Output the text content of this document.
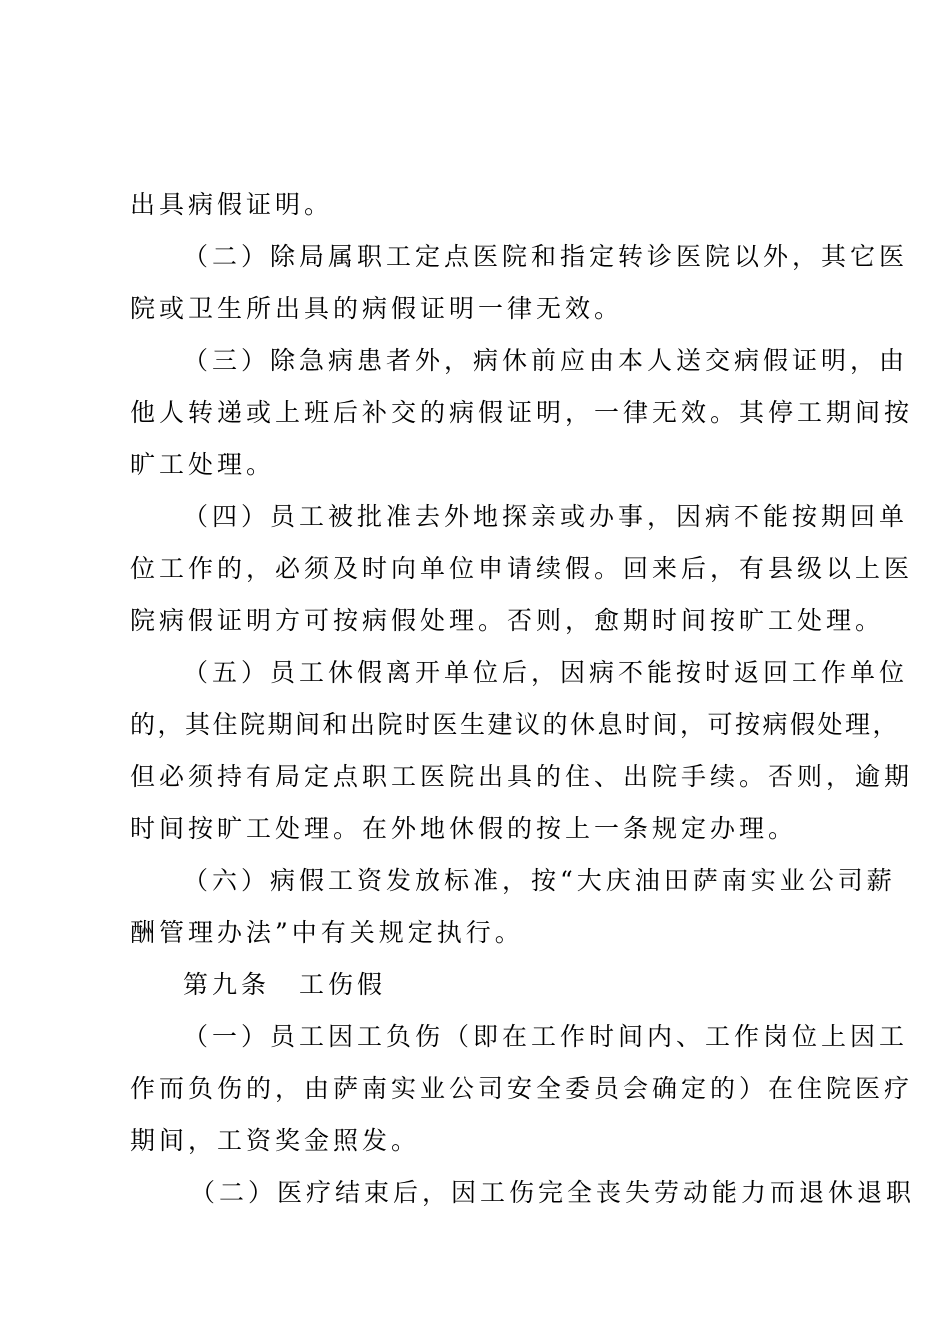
出具病假证明。
（二）除局属职工定点医院和指定转诊医院以外，其它医
院或卫生所出具的病假证明一律无效。
（三）除急病患者外，病休前应由本人送交病假证明，由
他人转递或上班后补交的病假证明，一律无效。其停工期间按
旷工处理。
（四）员工被批准去外地探亲或办事，因病不能按期回单
位工作的，必须及时向单位申请续假。回来后，有县级以上医
院病假证明方可按病假处理。否则，愈期时间按旷工处理。
（五）员工休假离开单位后，因病不能按时返回工作单位
的，其住院期间和出院时医生建议的休息时间，可按病假处理，
但必须持有局定点职工医院出具的住、出院手续。否则，逾期
时间按旷工处理。在外地休假的按上一条规定办理。
（六）病假工资发放标准，按“大庆油田萨南实业公司薪
酬管理办法”中有关规定执行。
第九条　工伤假
（一）员工因工负伤（即在工作时间内、工作岗位上因工
作而负伤的，由萨南实业公司安全委员会确定的）在住院医疗
期间，工资奖金照发。
（二）医疗结束后，因工伤完全丧失劳动能力而退休退职
